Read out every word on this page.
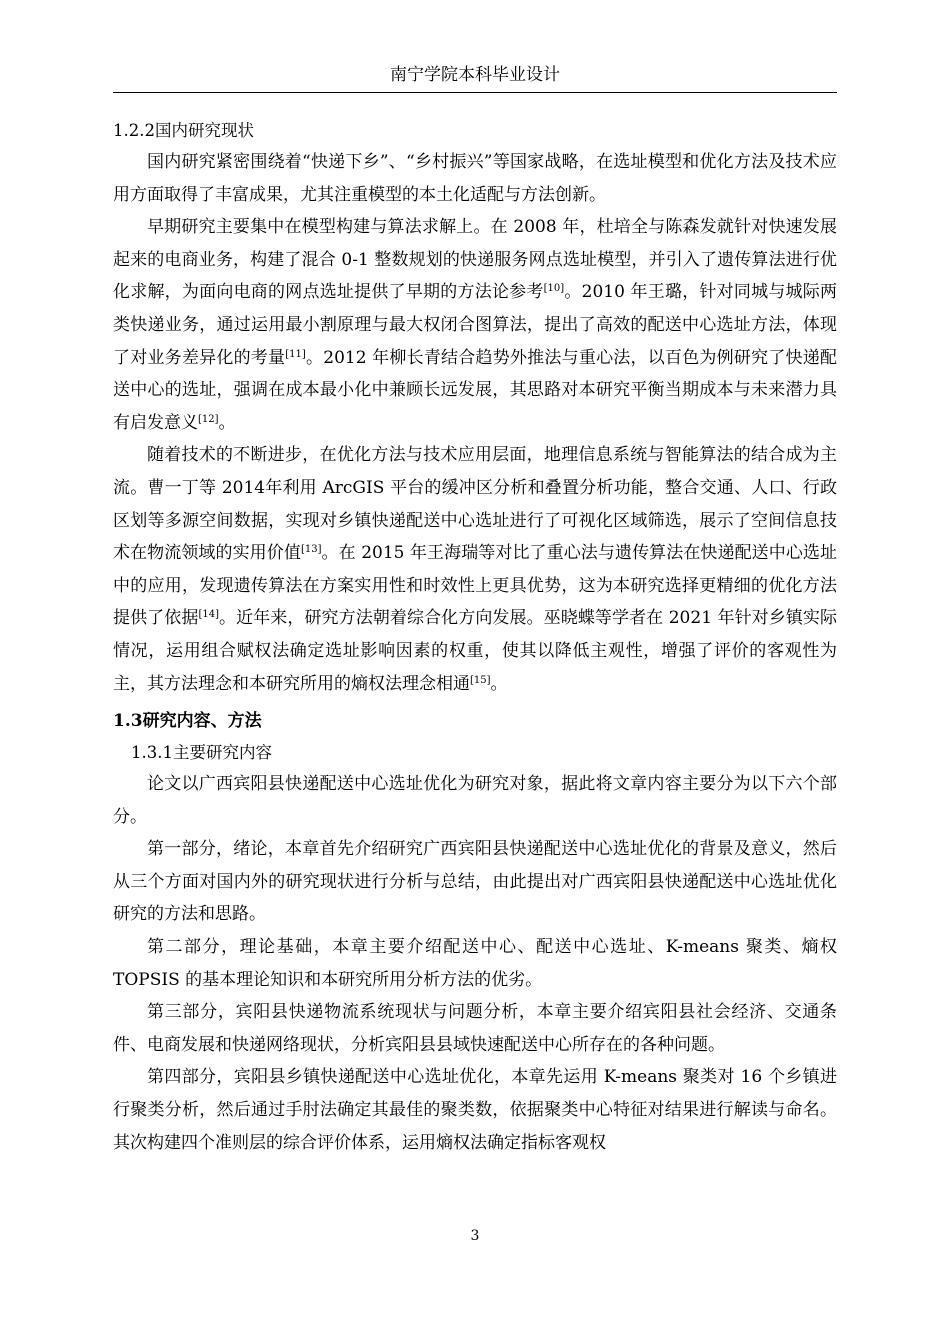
南宁学院本科毕业设计
1.2.2国内研究现状

国内研究紧密围绕着“快递下乡”、“乡村振兴”等国家战略，在选址模型和优化方法及技术应用方面取得了丰富成果，尤其注重模型的本土化适配与方法创新。

早期研究主要集中在模型构建与算法求解上。在 2008 年，杜培全与陈森发就针对快速发展起来的电商业务，构建了混合 0-1 整数规划的快递服务网点选址模型，并引入了遗传算法进行优化求解，为面向电商的网点选址提供了早期的方法论参考[10]。2010 年王璐，针对同城与城际两类快递业务，通过运用最小割原理与最大权闭合图算法，提出了高效的配送中心选址方法，体现了对业务差异化的考量[11]。2012 年柳长青结合趋势外推法与重心法，以百色为例研究了快递配送中心的选址，强调在成本最小化中兼顾长远发展，其思路对本研究平衡当期成本与未来潜力具有启发意义[12]。

随着技术的不断进步，在优化方法与技术应用层面，地理信息系统与智能算法的结合成为主流。曹一丁等 2014年利用 ArcGIS 平台的缓冲区分析和叠置分析功能，整合交通、人口、行政区划等多源空间数据，实现对乡镇快递配送中心选址进行了可视化区域筛选，展示了空间信息技术在物流领域的实用价值[13]。在 2015 年王海瑞等对比了重心法与遗传算法在快递配送中心选址中的应用，发现遗传算法在方案实用性和时效性上更具优势，这为本研究选择更精细的优化方法提供了依据[14]。近年来，研究方法朝着综合化方向发展。巫晓蝶等学者在 2021 年针对乡镇实际情况，运用组合赋权法确定选址影响因素的权重，使其以降低主观性，增强了评价的客观性为主，其方法理念和本研究所用的熵权法理念相通[15]。

1.3研究内容、方法
1.3.1主要研究内容

论文以广西宾阳县快递配送中心选址优化为研究对象，据此将文章内容主要分为以下六个部分。

第一部分，绪论，本章首先介绍研究广西宾阳县快递配送中心选址优化的背景及意义，然后从三个方面对国内外的研究现状进行分析与总结，由此提出对广西宾阳县快递配送中心选址优化研究的方法和思路。

第二部分，理论基础，本章主要介绍配送中心、配送中心选址、K-means 聚类、熵权 TOPSIS 的基本理论知识和本研究所用分析方法的优劣。

第三部分，宾阳县快递物流系统现状与问题分析，本章主要介绍宾阳县社会经济、交通条件、电商发展和快递网络现状，分析宾阳县县域快速配送中心所存在的各种问题。

第四部分，宾阳县乡镇快递配送中心选址优化，本章先运用 K-means 聚类对 16 个乡镇进行聚类分析，然后通过手肘法确定其最佳的聚类数，依据聚类中心特征对结果进行解读与命名。其次构建四个准则层的综合评价体系，运用熵权法确定指标客观权

3
